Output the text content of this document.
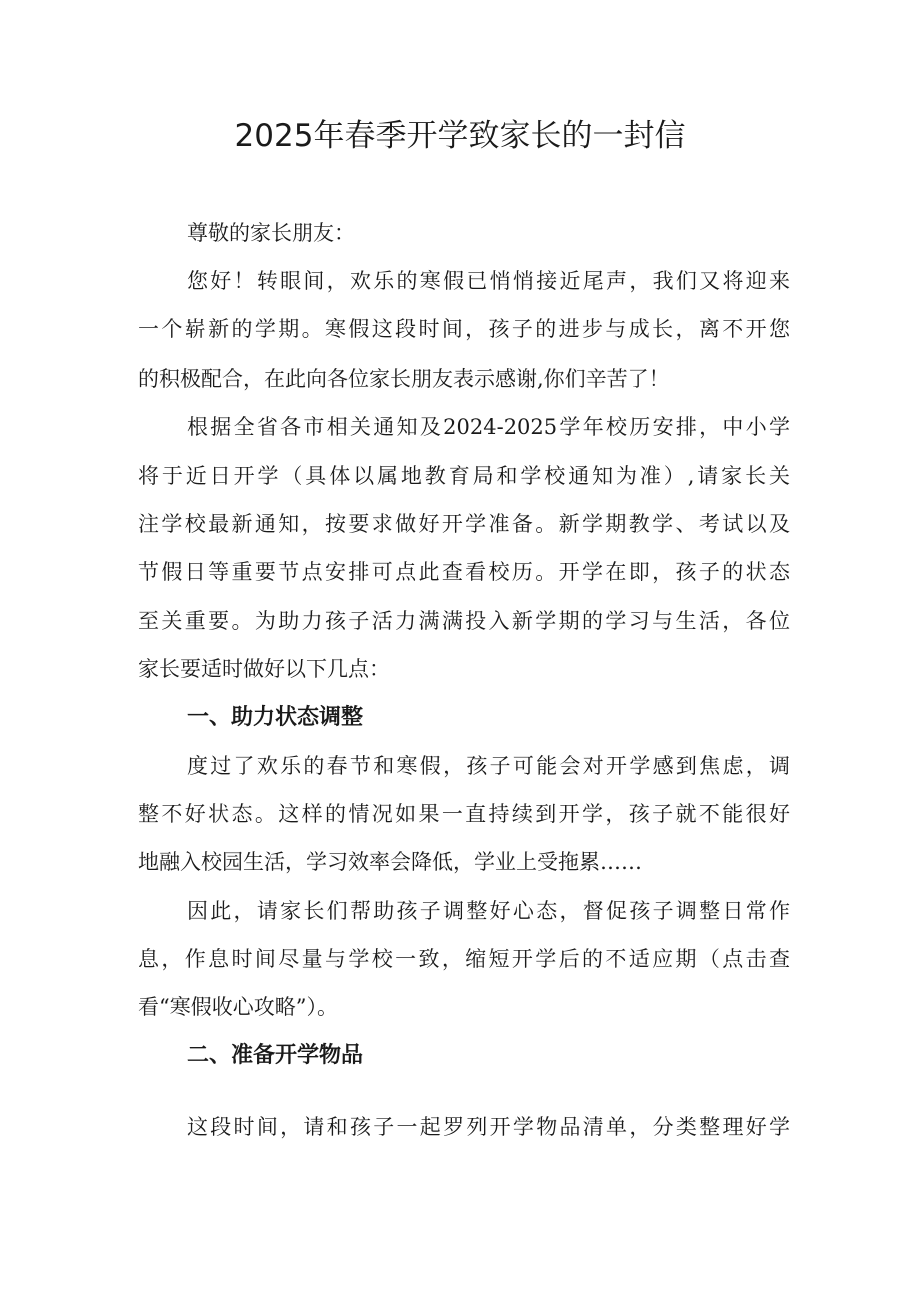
2025年春季开学致家长的一封信

尊敬的家长朋友：

您好！转眼间，欢乐的寒假已悄悄接近尾声，我们又将迎来

一个崭新的学期。寒假这段时间，孩子的进步与成长，离不开您

的积极配合，在此向各位家长朋友表示感谢,你们辛苦了！

根据全省各市相关通知及2024-2025学年校历安排，中小学

将于近日开学（具体以属地教育局和学校通知为准）,请家长关

注学校最新通知，按要求做好开学准备。新学期教学、考试以及

节假日等重要节点安排可点此查看校历。开学在即，孩子的状态

至关重要。为助力孩子活力满满投入新学期的学习与生活，各位

家长要适时做好以下几点：

一、助力状态调整

度过了欢乐的春节和寒假，孩子可能会对开学感到焦虑，调

整不好状态。这样的情况如果一直持续到开学，孩子就不能很好

地融入校园生活，学习效率会降低，学业上受拖累……

因此，请家长们帮助孩子调整好心态，督促孩子调整日常作

息，作息时间尽量与学校一致，缩短开学后的不适应期（点击查

看“寒假收心攻略”）。

二、准备开学物品

这段时间，请和孩子一起罗列开学物品清单，分类整理好学
